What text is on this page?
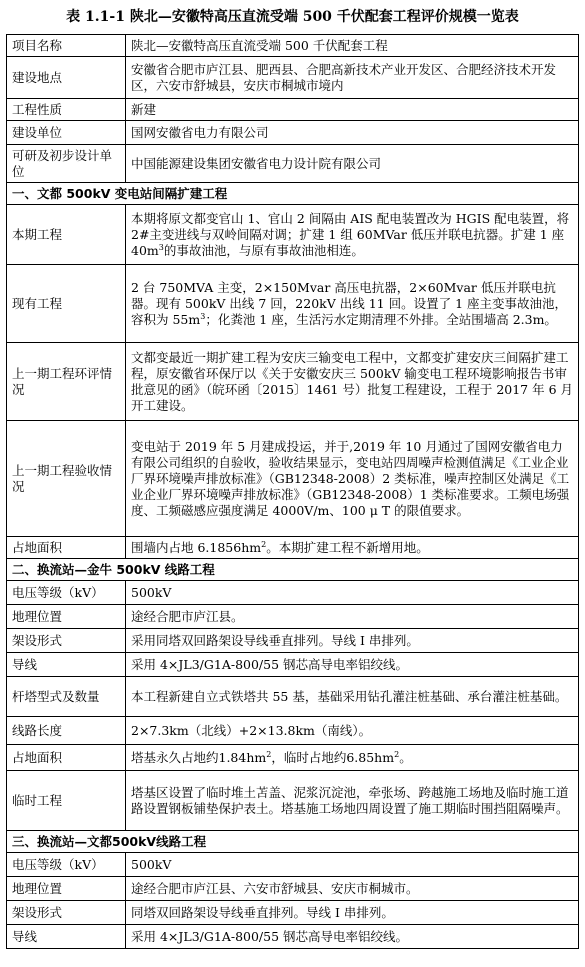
表 1.1-1 陕北—安徽特高压直流受端 500 千伏配套工程评价规模一览表
项目名称	陕北—安徽特高压直流受端 500 千伏配套工程
建设地点	安徽省合肥市庐江县、肥西县、合肥高新技术产业开发区、合肥经济技术开发区，六安市舒城县，安庆市桐城市境内
工程性质	新建
建设单位	国网安徽省电力有限公司
可研及初步设计单位	中国能源建设集团安徽省电力设计院有限公司
一、文都 500kV 变电站间隔扩建工程	
本期工程	本期将原文都变官山 1、官山 2 间隔由 AIS 配电装置改为 HGIS 配电装置，将 2#主变进线与双岭间隔对调；扩建 1 组 60MVar 低压并联电抗器。扩建 1 座 $40m^3$的事故油池，与原有事故油池相连。
现有工程	2 台 750MVA 主变，2×150Mvar 高压电抗器，2×60Mvar 低压并联电抗器。现有 500kV 出线 7 回，220kV 出线 11 回。设置了 1 座主变事故油池，容积为 $55m^3$；化粪池 1 座，生活污水定期清理不外排。全站围墙高 2.3m。
上一期工程环评情况	文都变最近一期扩建工程为安庆三输变电工程中，文都变扩建安庆三间隔扩建工程，原安徽省环保厅以《关于安徽安庆三 500kV 输变电工程环境影响报告书审批意见的函》（皖环函〔2015〕1461 号）批复工程建设，工程于 2017 年 6 月开工建设。
上一期工程验收情况	变电站于 2019 年 5 月建成投运，并于,2019 年 10 月通过了国网安徽省电力有限公司组织的自验收，验收结果显示，变电站四周噪声检测值满足《工业企业厂界环境噪声排放标准》（GB12348-2008）2 类标准，噪声控制区处满足《工业企业厂界环境噪声排放标准》（GB12348-2008）1 类标准要求。工频电场强度、工频磁感应强度满足 4000V/m、100 μ T 的限值要求。
占地面积	围墙内占地 $6.1856hm^2$。本期扩建工程不新增用地。
二、换流站—金牛 500kV 线路工程	
电压等级（kV）	500kV
地理位置	途经合肥市庐江县。
架设形式	采用同塔双回路架设导线垂直排列。导线 I 串排列。
导线	采用 4×JL3/G1A-800/55 钢芯高导电率铝绞线。
杆塔型式及数量	本工程新建自立式铁塔共 55 基，基础采用钻孔灌注桩基础、承台灌注桩基础。
线路长度	2×7.3km（北线）+2×13.8km（南线）。
占地面积	塔基永久占地约$1.84hm^2$，临时占地约$6.85hm^2$。
临时工程	塔基区设置了临时堆土苫盖、泥浆沉淀池，牵张场、跨越施工场地及临时施工道路设置钢板铺垫保护表土。塔基施工场地四周设置了施工期临时围挡阻隔噪声。
三、换流站—文都500kV线路工程	
电压等级（kV）	500kV
地理位置	途经合肥市庐江县、六安市舒城县、安庆市桐城市。
架设形式	同塔双回路架设导线垂直排列。导线 I 串排列。
导线	采用 4×JL3/G1A-800/55 钢芯高导电率铝绞线。
